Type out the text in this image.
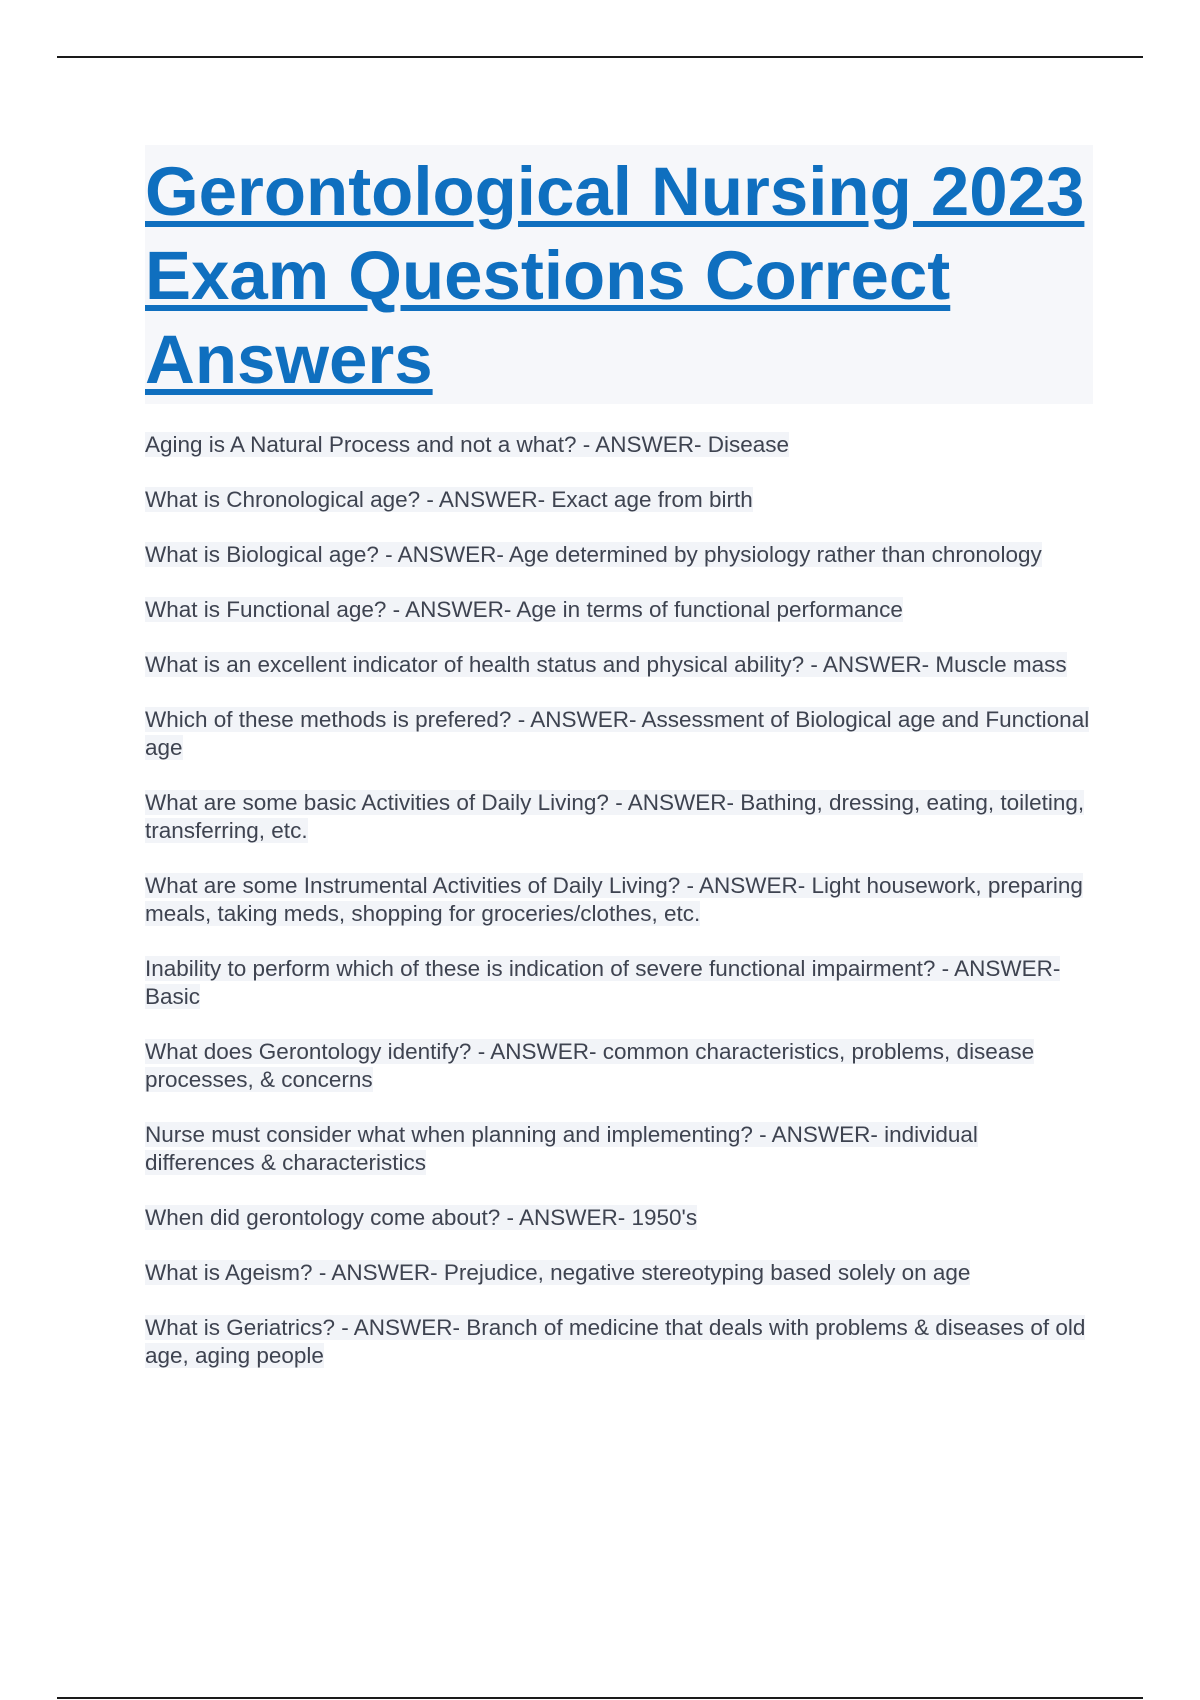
Gerontological Nursing 2023 Exam Questions Correct Answers

Aging is A Natural Process and not a what? - ANSWER- Disease

What is Chronological age? - ANSWER- Exact age from birth

What is Biological age? - ANSWER- Age determined by physiology rather than chronology

What is Functional age? - ANSWER- Age in terms of functional performance

What is an excellent indicator of health status and physical ability? - ANSWER- Muscle mass

Which of these methods is prefered? - ANSWER- Assessment of Biological age and Functional age

What are some basic Activities of Daily Living? - ANSWER- Bathing, dressing, eating, toileting, transferring, etc.

What are some Instrumental Activities of Daily Living? - ANSWER- Light housework, preparing meals, taking meds, shopping for groceries/clothes, etc.

Inability to perform which of these is indication of severe functional impairment? - ANSWER- Basic

What does Gerontology identify? - ANSWER- common characteristics, problems, disease processes, & concerns

Nurse must consider what when planning and implementing? - ANSWER- individual differences & characteristics

When did gerontology come about? - ANSWER- 1950's

What is Ageism? - ANSWER- Prejudice, negative stereotyping based solely on age

What is Geriatrics? - ANSWER- Branch of medicine that deals with problems & diseases of old age, aging people
